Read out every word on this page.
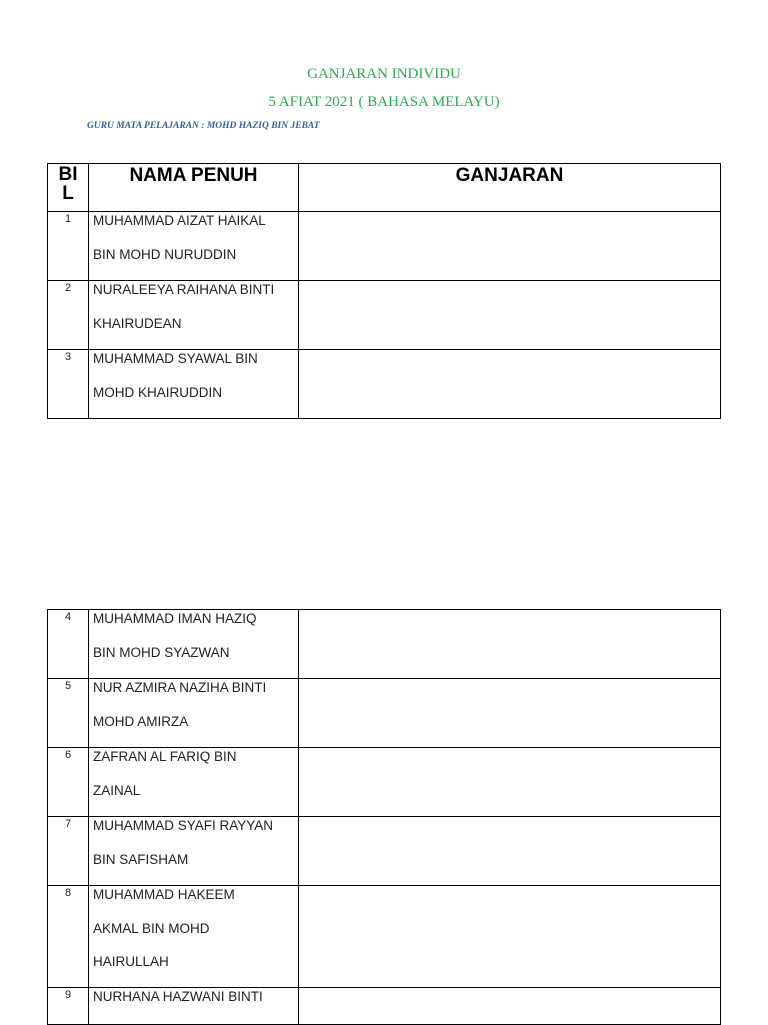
GANJARAN INDIVIDU
5 AFIAT 2021 ( BAHASA MELAYU)
GURU MATA PELAJARAN : MOHD HAZIQ BIN JEBAT
BI
L	NAMA PENUH	GANJARAN
1	MUHAMMAD AIZAT HAIKAL
BIN MOHD NURUDDIN	

2	NURALEEYA RAIHANA BINTI
KHAIRUDEAN	

3	MUHAMMAD SYAWAL BIN
MOHD KHAIRUDDIN	

4	MUHAMMAD IMAN HAZIQ
BIN MOHD SYAZWAN	

5	NUR AZMIRA NAZIHA BINTI
MOHD AMIRZA	

6	ZAFRAN AL FARIQ BIN
ZAINAL	

7	MUHAMMAD SYAFI RAYYAN
BIN SAFISHAM	

8	MUHAMMAD HAKEEM
AKMAL BIN MOHD
HAIRULLAH	

9	NURHANA HAZWANI BINTI	
